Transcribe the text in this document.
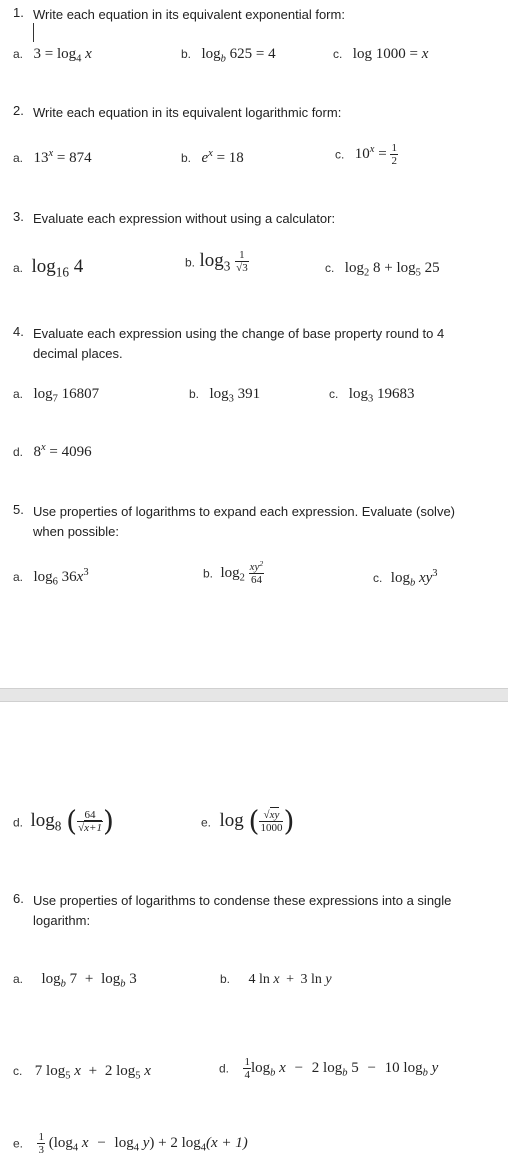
1. Write each equation in its equivalent exponential form:
a. $3 = \log_4 x$	b. $\log_b 625 = 4$	c. log 1000 = x
2. Write each equation in its equivalent logarithmic form:
a. $13^x = 874$	b. $e^x = 18$	c. $10^x = \frac{1}{2}$
3. Evaluate each expression without using a calculator:
a. $\log_{16} 4$	b. $\log_3 \frac{1}{√3}$	c. $\log_2 8 + \log_5 25$
4. Evaluate each expression using the change of base property round to 4 decimal places.
a. $\log_7 16807$	b. $\log_3 391$	c. $\log_3 19683$
d. $8^x = 4096$
5. Use properties of logarithms to expand each expression. Evaluate (solve) when possible:
a. $\log_6 36x^3$	b. $\log_2 \frac{xy^2}{64}$	c. $\log_b xy^3$
d. $\log_8$ ( $\frac{64}{√x+1}$ )	e. log ( $\frac{√xy}{1000}$ )
6. Use properties of logarithms to condense these expressions into a single logarithm:
a. $\log_b 7 + \log_b 3$	b. 4 ln x + 3 ln y
c. 7 $\log_5 x + 2$ $\log_5 x$	d. $\frac{1}{4} \log_b x - 2$ $\log_b 5 - 10$ $\log_b y$
e. $\frac{1}{3} (\log_4$ $x - \log_4 y) + 2$ $\log_4(x + 1)$
